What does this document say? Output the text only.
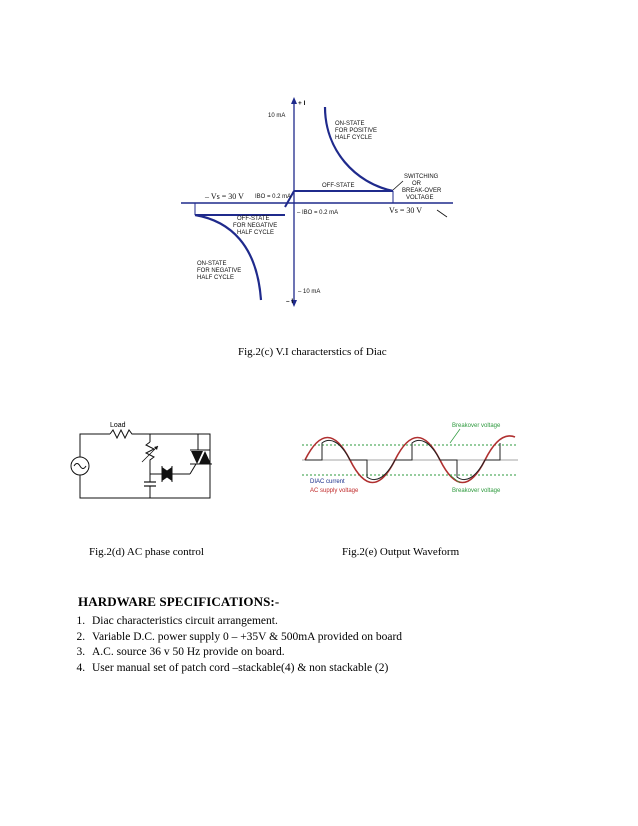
+ I
– I
10 mA
– 10 mA
ON-STATE
FOR POSITIVE
HALF CYCLE
SWITCHING
OR
BREAK-OVER
VOLTAGE
OFF-STATE
– Vs = 30 V IBO = 0.2 mA
– IBO = 0.2 mA	Vs = 30 V
OFF-STATE
FOR NEGATIVE
HALF CYCLE
ON-STATE
FOR NEGATIVE
HALF CYCLE
Fig.2(c) V.I characterstics of Diac
Load
Fig.2(d) AC phase control
Breakover voltage
Breakover voltage
DIAC current
AC supply voltage
Fig.2(e) Output Waveform
HARDWARE SPECIFICATIONS:-
1. Diac characteristics circuit arrangement.
2. Variable D.C. power supply 0 – +35V & 500mA provided on board
3. A.C. source 36 v 50 Hz provide on board.
4. User manual set of patch cord –stackable(4) & non stackable (2)
